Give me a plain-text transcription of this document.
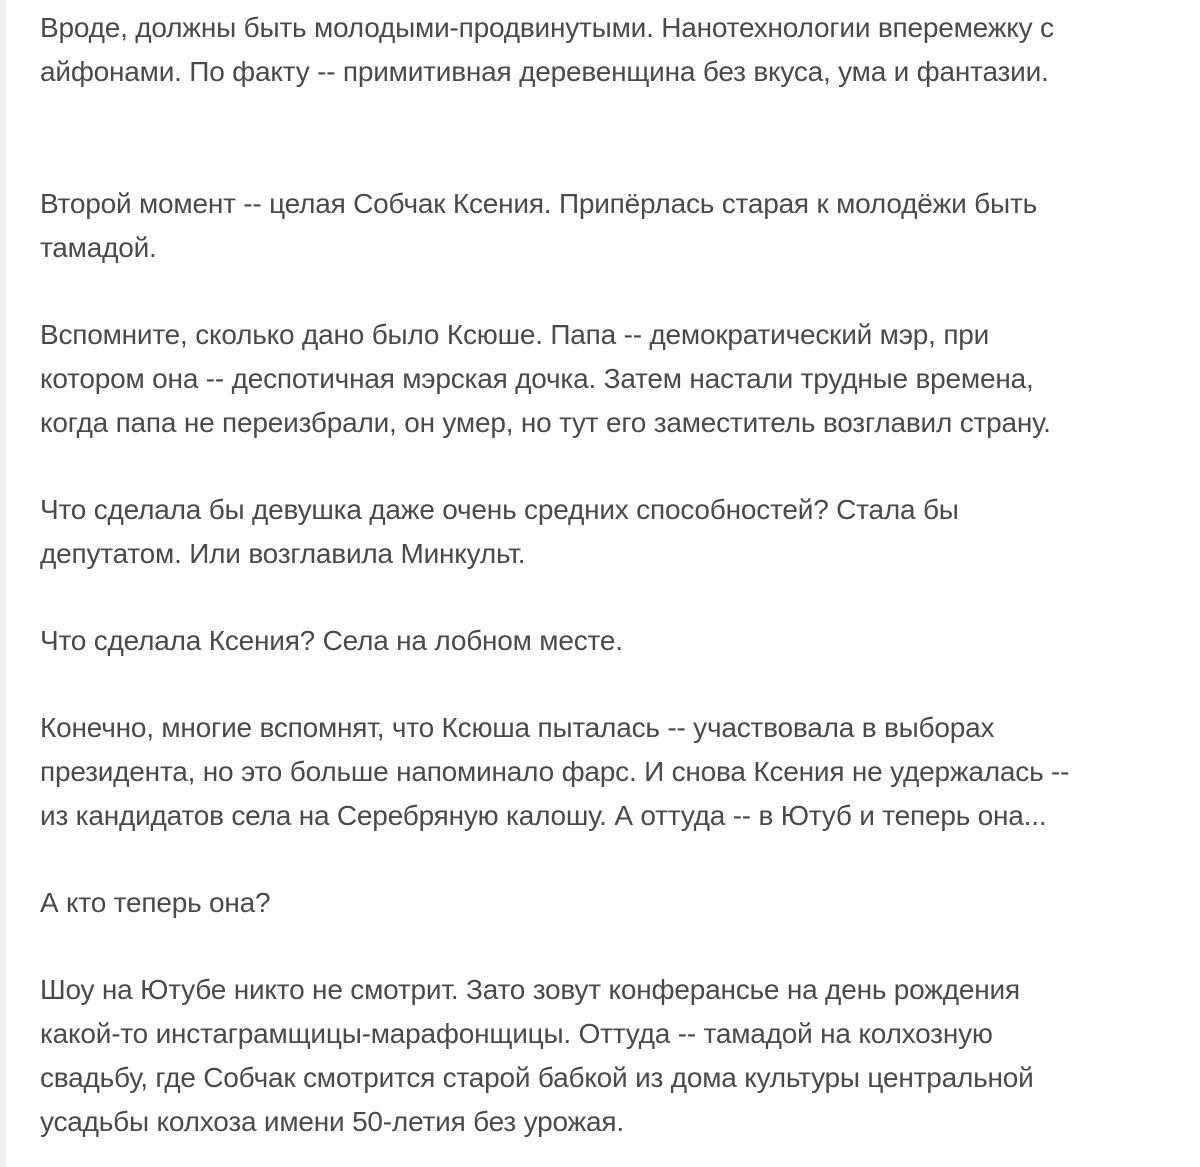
Вроде, должны быть молодыми-продвинутыми. Нанотехнологии вперемежку с
айфонами. По факту -- примитивная деревенщина без вкуса, ума и фантазии.

Второй момент -- целая Собчак Ксения. Припёрлась старая к молодёжи быть
тамадой.

Вспомните, сколько дано было Ксюше. Папа -- демократический мэр, при
котором она -- деспотичная мэрская дочка. Затем настали трудные времена,
когда папа не переизбрали, он умер, но тут его заместитель возглавил страну.

Что сделала бы девушка даже очень средних способностей? Стала бы
депутатом. Или возглавила Минкульт.

Что сделала Ксения? Села на лобном месте.

Конечно, многие вспомнят, что Ксюша пыталась -- участвовала в выборах
президента, но это больше напоминало фарс. И снова Ксения не удержалась --
из кандидатов села на Серебряную калошу. А оттуда -- в Ютуб и теперь она...

А кто теперь она?

Шоу на Ютубе никто не смотрит. Зато зовут конферансье на день рождения
какой-то инстаграмщицы-марафонщицы. Оттуда -- тамадой на колхозную
свадьбу, где Собчак смотрится старой бабкой из дома культуры центральной
усадьбы колхоза имени 50-летия без урожая.
